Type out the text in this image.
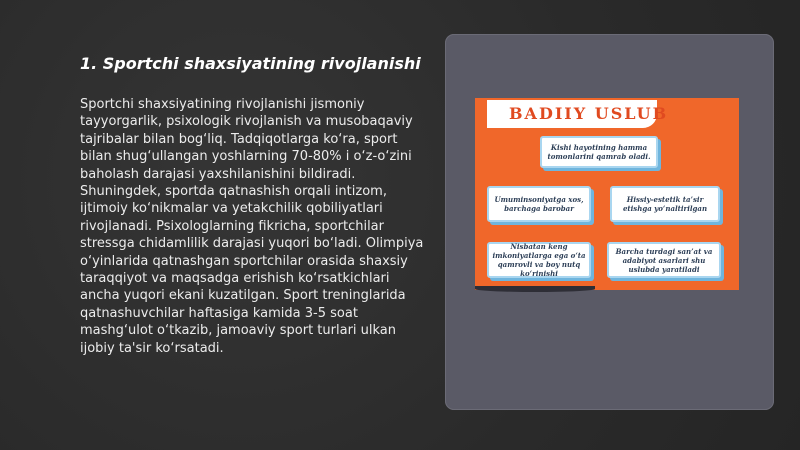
1. Sportchi shaxsiyatining rivojlanishi

Sportchi shaxsiyatining rivojlanishi jismoniy tayyorgarlik, psixologik rivojlanish va musobaqaviy tajribalar bilan bog‘liq. Tadqiqotlarga ko‘ra, sport bilan shug‘ullangan yoshlarning 70-80% i o‘z-o‘zini baholash darajasi yaxshilanishini bildiradi. Shuningdek, sportda qatnashish orqali intizom, ijtimoiy ko‘nikmalar va yetakchilik qobiliyatlari rivojlanadi. Psixologlarning fikricha, sportchilar stressga chidamlilik darajasi yuqori bo‘ladi. Olimpiya o‘yinlarida qatnashgan sportchilar orasida shaxsiy taraqqiyot va maqsadga erishish ko‘rsatkichlari ancha yuqori ekani kuzatilgan. Sport treninglarida qatnashuvchilar haftasiga kamida 3-5 soat mashg‘ulot o‘tkazib, jamoaviy sport turlari ulkan ijobiy ta'sir ko‘rsatadi.

BADIIY USLUB
Kishi hayotining hamma tomonlarini qamrab oladi.
Umuminsoniyatga xos, barchaga barobar
Hissiy-estetik ta’sir etishga yo‘naltirilgan
Nisbatan keng imkoniyatlarga ega o‘ta qamrovli va boy nutq ko‘rinishi
Barcha turdagi san’at va adabiyot asarlari shu uslubda yaratiladi
